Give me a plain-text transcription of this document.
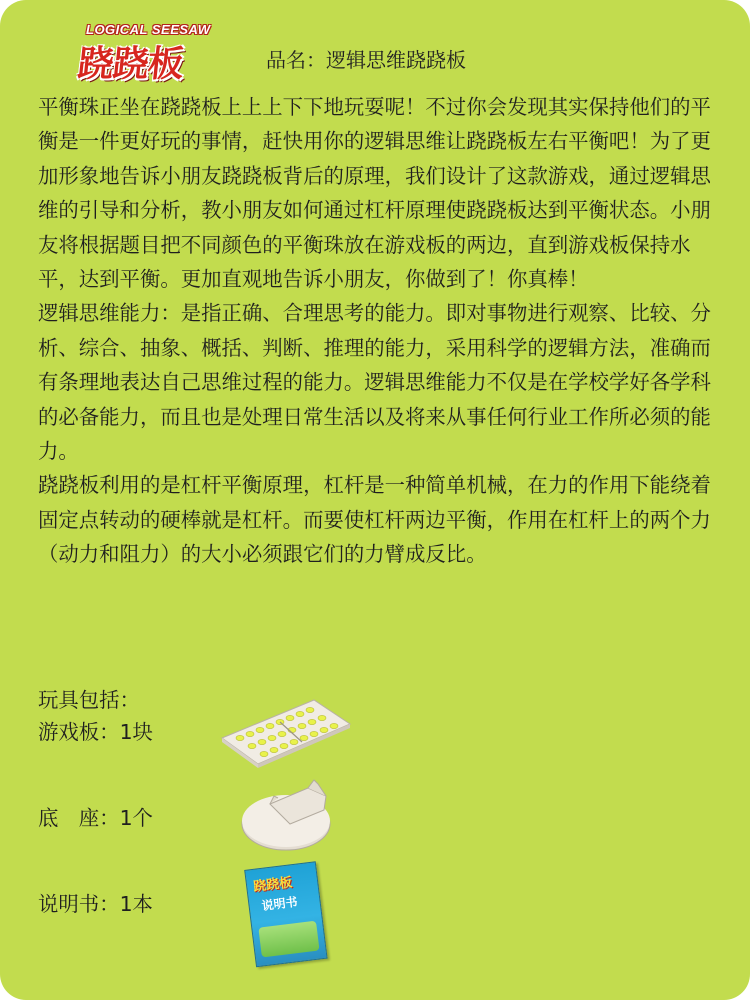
LOGICAL SEESAW
跷跷板	品名：逻辑思维跷跷板

平衡珠正坐在跷跷板上上上下下地玩耍呢！不过你会发现其实保持他们的平衡是一件更好玩的事情，赶快用你的逻辑思维让跷跷板左右平衡吧！为了更加形象地告诉小朋友跷跷板背后的原理，我们设计了这款游戏，通过逻辑思维的引导和分析，教小朋友如何通过杠杆原理使跷跷板达到平衡状态。小朋友将根据题目把不同颜色的平衡珠放在游戏板的两边，直到游戏板保持水平，达到平衡。更加直观地告诉小朋友，你做到了！你真棒！

逻辑思维能力：是指正确、合理思考的能力。即对事物进行观察、比较、分析、综合、抽象、概括、判断、推理的能力，采用科学的逻辑方法，准确而有条理地表达自己思维过程的能力。逻辑思维能力不仅是在学校学好各学科的必备能力，而且也是处理日常生活以及将来从事任何行业工作所必须的能力。

跷跷板利用的是杠杆平衡原理，杠杆是一种简单机械，在力的作用下能绕着固定点转动的硬棒就是杠杆。而要使杠杆两边平衡，作用在杠杆上的两个力（动力和阻力）的大小必须跟它们的力臂成反比。

玩具包括：
游戏板：1块
底　座：1个
说明书：1本
跷跷板
说明书
